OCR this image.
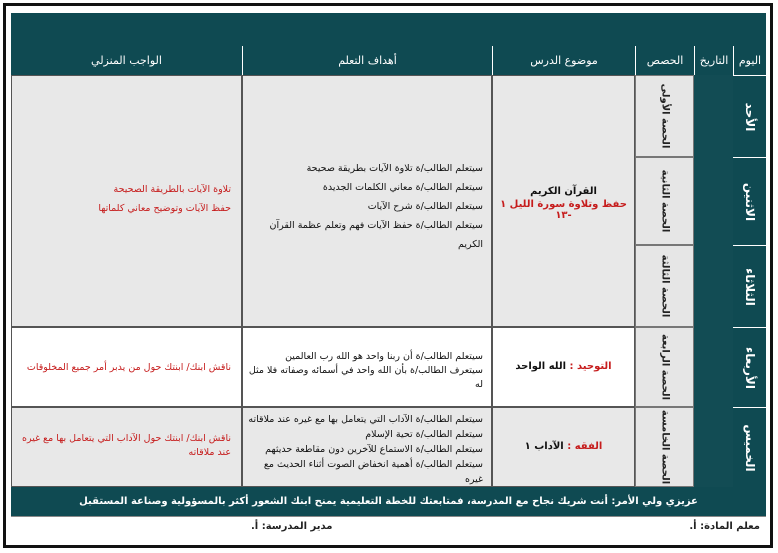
اليوم
التاريخ
الحصص
موضوع الدرس
أهداف التعلم
الواجب المنزلي
الأحد
الاثنين
الثلاثاء
الأربعاء
الخميس
الحصة الأولى
الحصة الثانية
الحصة الثالثة
الحصة الرابعة
الحصة الخامسة
القرآن الكريم
حفظ وتلاوة سورة الليل ١ -١٣
سيتعلم الطالب/ة تلاوة الآيات بطريقة صحيحة
سيتعلم الطالب/ة معاني الكلمات الجديدة
سيتعلم الطالب/ة شرح الآيات
سيتعلم الطالب/ة حفظ الآيات فهم وتعلم عظمة القرآن الكريم
تلاوة الآيات بالطريقة الصحيحة
حفظ الآيات وتوضيح معاني كلماتها
التوحيد : الله الواحد
سيتعلم الطالب/ة أن ربنا واحد هو الله رب العالمين
سيتعرف الطالب/ة بأن الله واحد في أسمائه وصفاته فلا مثل له
ناقش ابنك/ ابنتك حول من يدبر أمر جميع المخلوقات
الفقه : الآداب ١
سيتعلم الطالب/ة الآداب التي يتعامل بها مع غيره عند ملاقاته
سيتعلم الطالب/ة تحية الإسلام
سيتعلم الطالب/ة الاستماع للآخرين دون مقاطعة حديثهم
سيتعلم الطالب/ة أهمية انخفاض الصوت أثناء الحديث مع غيره
ناقش ابنك/ ابنتك حول الآداب التي يتعامل بها مع غيره
عند ملاقاته
عزيزي ولي الأمر: أنت شريك نجاح مع المدرسة، فمتابعتك للخطة التعليمية يمنح ابنك الشعور أكثر بالمسؤولية وصناعة المستقبل
معلم المادة: أ.
مدير المدرسة: أ.
